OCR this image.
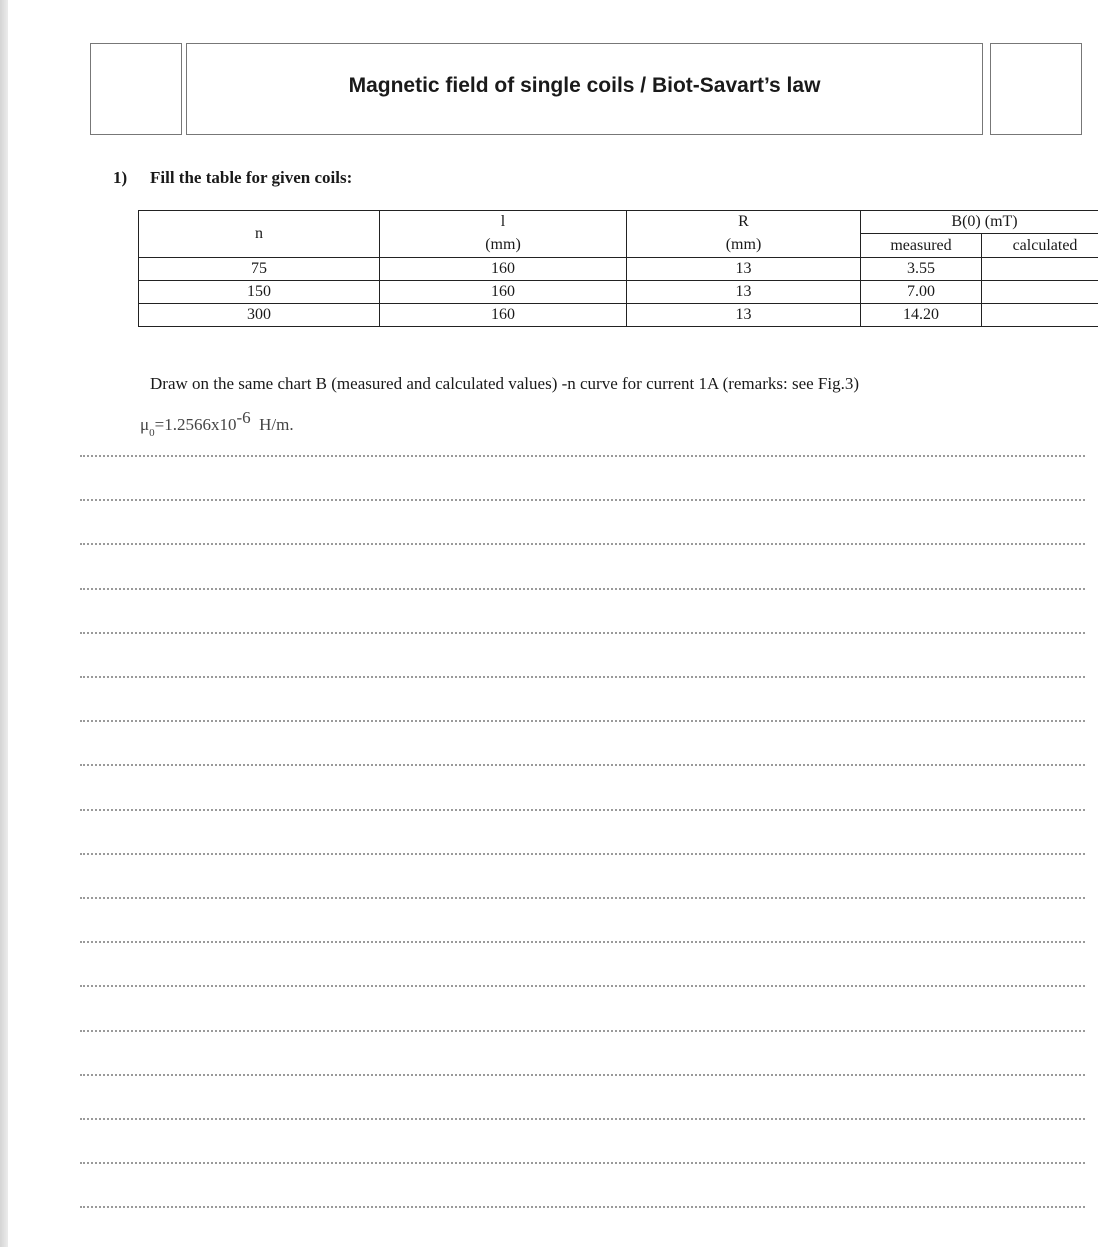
Magnetic field of single coils / Biot-Savart’s law
1) Fill the table for given coils:
n	l	R	B(0) (mT)	
	(mm)	(mm)	measured	calculated
75	160	13	3.55	
150	160	13	7.00	
300	160	13	14.20	
Draw on the same chart B (measured and calculated values) -n curve for current 1A (remarks: see Fig.3)
$\mu_0=1.2566x10-6$ H/m.
